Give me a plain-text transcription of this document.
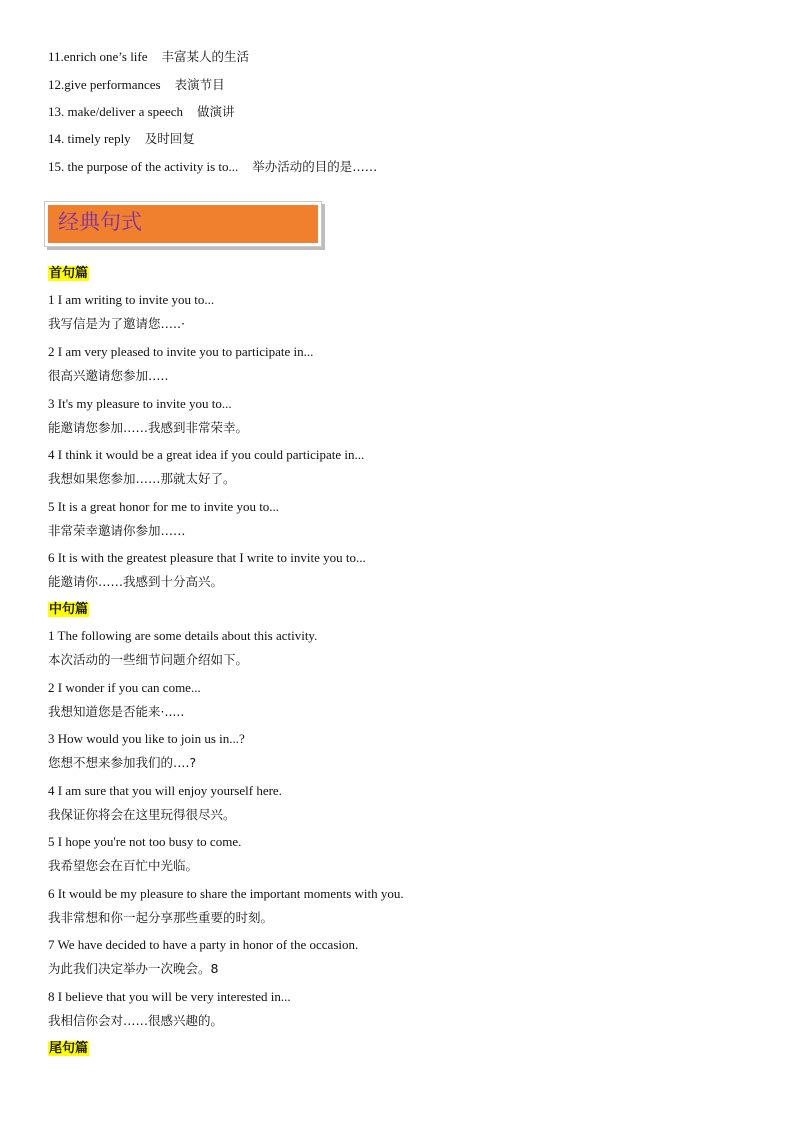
11.enrich one’s life 丰富某人的生活
12.give performances 表演节目
13. make/deliver a speech 做演讲
14. timely reply 及时回复
15. the purpose of the activity is to... 举办活动的目的是……
经典句式
首句篇
1 I am writing to invite you to...
我写信是为了邀请您…..·
2 I am very pleased to invite you to participate in...
很高兴邀请您参加…..
3 It's my pleasure to invite you to...
能邀请您参加……我感到非常荣幸。
4 I think it would be a great idea if you could participate in...
我想如果您参加……那就太好了。
5 It is a great honor for me to invite you to...
非常荣幸邀请你参加……
6 It is with the greatest pleasure that I write to invite you to...
能邀请你……我感到十分高兴。
中句篇
1 The following are some details about this activity.
本次活动的一些细节问题介绍如下。
2 I wonder if you can come...
我想知道您是否能来·.....
3 How would you like to join us in...?
您想不想来参加我们的….?
4 I am sure that you will enjoy yourself here.
我保证你将会在这里玩得很尽兴。
5 I hope you're not too busy to come.
我希望您会在百忙中光临。
6 It would be my pleasure to share the important moments with you.
我非常想和你一起分享那些重要的时刻。
7 We have decided to have a party in honor of the occasion.
为此我们决定举办一次晚会。8
8 I believe that you will be very interested in...
我相信你会对……很感兴趣的。
尾句篇
